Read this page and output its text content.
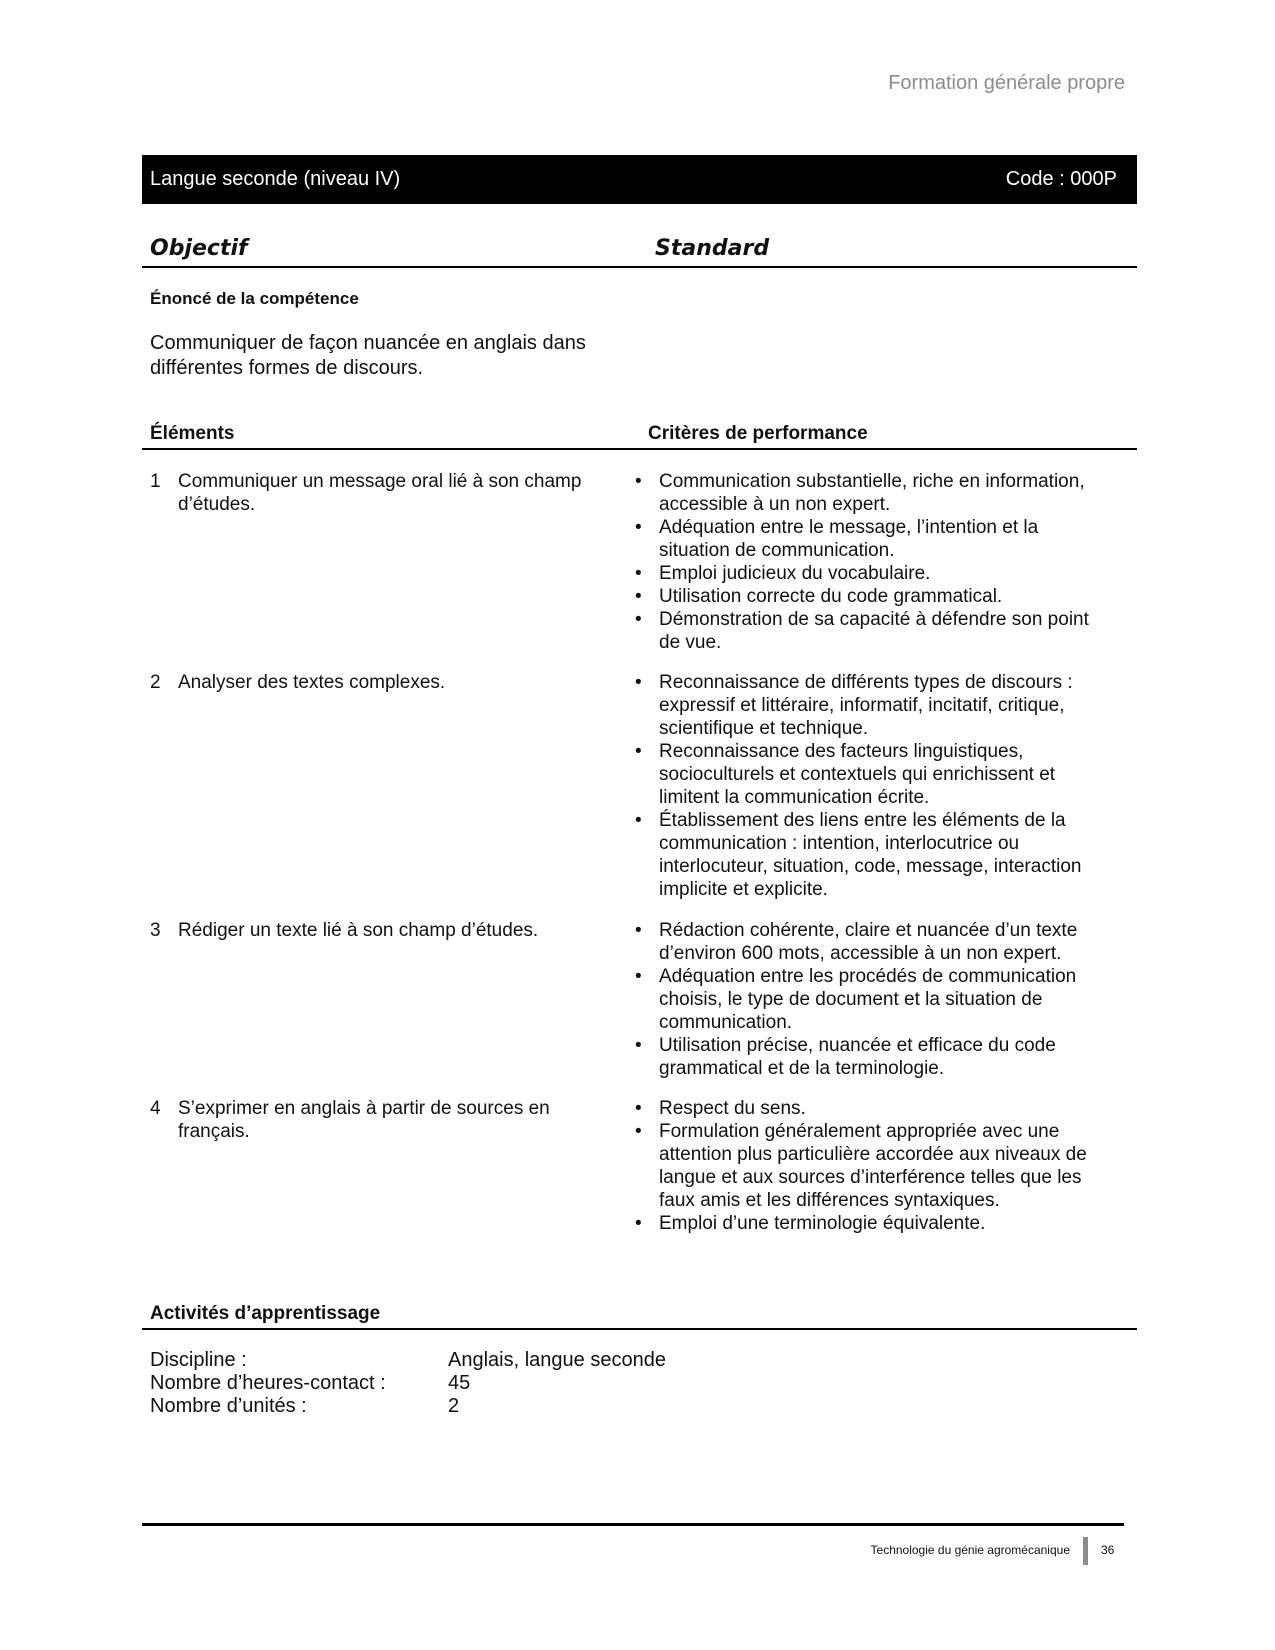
Formation générale propre
Langue seconde (niveau IV)	Code : 000P
Objectif	Standard
Énoncé de la compétence
Communiquer de façon nuancée en anglais dans différentes formes de discours.
Éléments	Critères de performance
1 Communiquer un message oral lié à son champ d’études.
• Communication substantielle, riche en information, accessible à un non expert.
• Adéquation entre le message, l’intention et la situation de communication.
• Emploi judicieux du vocabulaire.
• Utilisation correcte du code grammatical.
• Démonstration de sa capacité à défendre son point de vue.
2 Analyser des textes complexes.	• Reconnaissance de différents types de discours : expressif et littéraire, informatif, incitatif, critique, scientifique et technique.
• Reconnaissance des facteurs linguistiques, socioculturels et contextuels qui enrichissent et limitent la communication écrite.
• Établissement des liens entre les éléments de la communication : intention, interlocutrice ou interlocuteur, situation, code, message, interaction implicite et explicite.
3 Rédiger un texte lié à son champ d’études.	• Rédaction cohérente, claire et nuancée d’un texte d’environ 600 mots, accessible à un non expert.
• Adéquation entre les procédés de communication choisis, le type de document et la situation de communication.
• Utilisation précise, nuancée et efficace du code grammatical et de la terminologie.
4 S’exprimer en anglais à partir de sources en français.
• Respect du sens.
• Formulation généralement appropriée avec une attention plus particulière accordée aux niveaux de langue et aux sources d’interférence telles que les faux amis et les différences syntaxiques.
• Emploi d’une terminologie équivalente.
Activités d’apprentissage
Discipline :	Anglais, langue seconde
Nombre d’heures-contact :	45
Nombre d’unités :	2
Technologie du génie agromécanique	36
